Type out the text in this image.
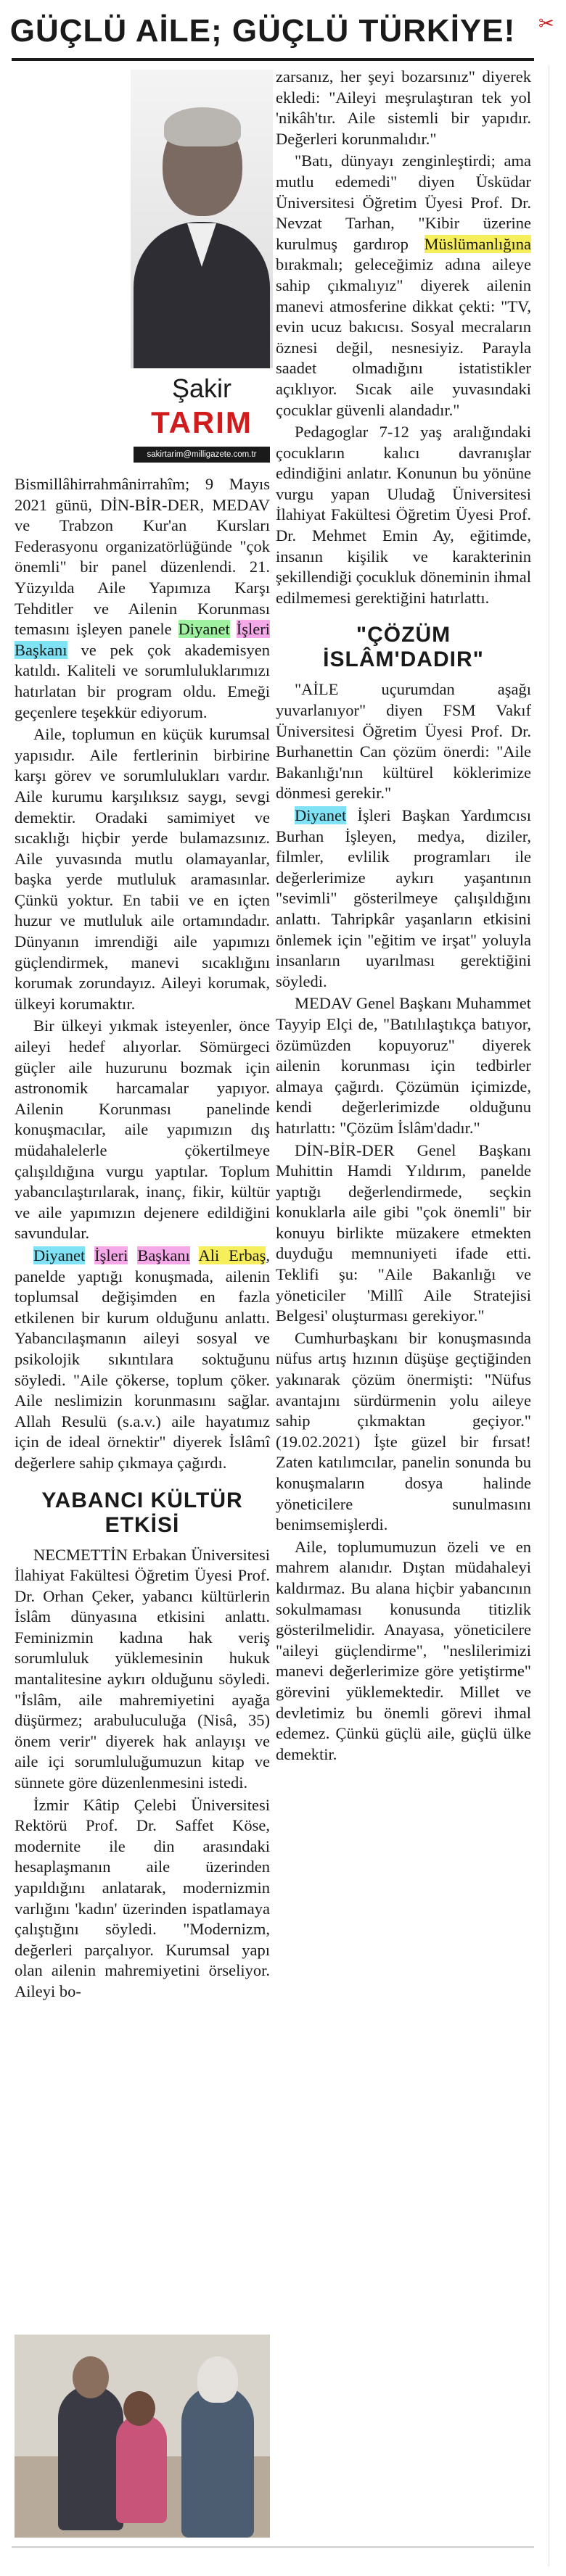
GÜÇLÜ AİLE; GÜÇLÜ TÜRKİYE! ✂
Şakir
TARIM
sakirtarim@milligazete.com.tr

Bismillâhirrahmânirrahîm; 9 Mayıs 2021 günü, DİN-BİR-DER, MEDAV ve Trabzon Kur'an Kursları Federasyonu organizatörlüğünde "çok önemli" bir panel düzenlendi. 21. Yüzyılda Aile Yapımıza Karşı Tehditler ve Ailenin Korunması temasını işleyen panele Diyanet İşleri Başkanı ve pek çok akademisyen katıldı. Kaliteli ve sorumluluklarımızı hatırlatan bir program oldu. Emeği geçenlere teşekkür ediyorum.

Aile, toplumun en küçük kurumsal yapısıdır. Aile fertlerinin birbirine karşı görev ve sorumlulukları vardır. Aile kurumu karşılıksız saygı, sevgi demektir. Oradaki samimiyet ve sıcaklığı hiçbir yerde bulamazsınız. Aile yuvasında mutlu olamayanlar, başka yerde mutluluk aramasınlar. Çünkü yoktur. En tabii ve en içten huzur ve mutluluk aile ortamındadır. Dünyanın imrendiği aile yapımızı güçlendirmek, manevi sıcaklığını korumak zorundayız. Aileyi korumak, ülkeyi korumaktır.

Bir ülkeyi yıkmak isteyenler, önce aileyi hedef alıyorlar. Sömürgeci güçler aile huzurunu bozmak için astronomik harcamalar yapıyor. Ailenin Korunması panelinde konuşmacılar, aile yapımızın dış müdahalelerle çökertilmeye çalışıldığına vurgu yaptılar. Toplum yabancılaştırılarak, inanç, fikir, kültür ve aile yapımızın dejenere edildiğini savundular.

Diyanet İşleri Başkanı Ali Erbaş, panelde yaptığı konuşmada, ailenin toplumsal değişimden en fazla etkilenen bir kurum olduğunu anlattı. Yabancılaşmanın aileyi sosyal ve psikolojik sıkıntılara soktuğunu söyledi. "Aile çökerse, toplum çöker. Aile neslimizin korunmasını sağlar. Allah Resulü (s.a.v.) aile hayatımız için de ideal örnektir" diyerek İslâmî değerlere sahip çıkmaya çağırdı.

YABANCI KÜLTÜR ETKİSİ

NECMETTİN Erbakan Üniversitesi İlahiyat Fakültesi Öğretim Üyesi Prof. Dr. Orhan Çeker, yabancı kültürlerin İslâm dünyasına etkisini anlattı. Feminizmin kadına hak veriş sorumluluk yüklemesinin hukuk mantalitesine aykırı olduğunu söyledi. "İslâm, aile mahremiyetini ayağa düşürmez; arabuluculuğa (Nisâ, 35) önem verir" diyerek hak anlayışı ve aile içi sorumluluğumuzun kitap ve sünnete göre düzenlenmesini istedi.

İzmir Kâtip Çelebi Üniversitesi Rektörü Prof. Dr. Saffet Köse, modernite ile din arasındaki hesaplaşmanın aile üzerinden yapıldığını anlatarak, modernizmin varlığını 'kadın' üzerinden ispatlamaya çalıştığını söyledi. "Modernizm, değerleri parçalıyor. Kurumsal yapı olan ailenin mahremiyetini örseliyor. Aileyi bo-

zarsanız, her şeyi bozarsınız" diyerek ekledi: "Aileyi meşrulaştıran tek yol 'nikâh'tır. Aile sistemli bir yapıdır. Değerleri korunmalıdır."

"Batı, dünyayı zenginleştirdi; ama mutlu edemedi" diyen Üsküdar Üniversitesi Öğretim Üyesi Prof. Dr. Nevzat Tarhan, "Kibir üzerine kurulmuş gardırop Müslümanlığına bırakmalı; geleceğimiz adına aileye sahip çıkmalıyız" diyerek ailenin manevi atmosferine dikkat çekti: "TV, evin ucuz bakıcısı. Sosyal mecraların öznesi değil, nesnesiyiz. Parayla saadet olmadığını istatistikler açıklıyor. Sıcak aile yuvasındaki çocuklar güvenli alandadır."

Pedagoglar 7-12 yaş aralığındaki çocukların kalıcı davranışlar edindiğini anlatır. Konunun bu yönüne vurgu yapan Uludağ Üniversitesi İlahiyat Fakültesi Öğretim Üyesi Prof. Dr. Mehmet Emin Ay, eğitimde, insanın kişilik ve karakterinin şekillendiği çocukluk döneminin ihmal edilmemesi gerektiğini hatırlattı.

"ÇÖZÜM İSLÂM'DADIR"

"AİLE uçurumdan aşağı yuvarlanıyor" diyen FSM Vakıf Üniversitesi Öğretim Üyesi Prof. Dr. Burhanettin Can çözüm önerdi: "Aile Bakanlığı'nın kültürel köklerimize dönmesi gerekir."

Diyanet İşleri Başkan Yardımcısı Burhan İşleyen, medya, diziler, filmler, evlilik programları ile değerlerimize aykırı yaşantının "sevimli" gösterilmeye çalışıldığını anlattı. Tahripkâr yaşanların etkisini önlemek için "eğitim ve irşat" yoluyla insanların uyarılması gerektiğini söyledi.

MEDAV Genel Başkanı Muhammet Tayyip Elçi de, "Batılılaştıkça batıyor, özümüzden kopuyoruz" diyerek ailenin korunması için tedbirler almaya çağırdı. Çözümün içimizde, kendi değerlerimizde olduğunu hatırlattı: "Çözüm İslâm'dadır."

DİN-BİR-DER Genel Başkanı Muhittin Hamdi Yıldırım, panelde yaptığı değerlendirmede, seçkin konuklarla aile gibi "çok önemli" bir konuyu birlikte müzakere etmekten duyduğu memnuniyeti ifade etti. Teklifi şu: "Aile Bakanlığı ve yöneticiler 'Millî Aile Stratejisi Belgesi' oluşturması gerekiyor."

Cumhurbaşkanı bir konuşmasında nüfus artış hızının düşüşe geçtiğinden yakınarak çözüm önermişti: "Nüfus avantajını sürdürmenin yolu aileye sahip çıkmaktan geçiyor." (19.02.2021) İşte güzel bir fırsat! Zaten katılımcılar, panelin sonunda bu konuşmaların dosya halinde yöneticilere sunulmasını benimsemişlerdi.

Aile, toplumumuzun özeli ve en mahrem alanıdır. Dıştan müdahaleyi kaldırmaz. Bu alana hiçbir yabancının sokulmaması konusunda titizlik gösterilmelidir. Anayasa, yöneticilere "aileyi güçlendirme", "neslilerimizi manevi değerlerimize göre yetiştirme" görevini yüklemektedir. Millet ve devletimiz bu önemli görevi ihmal edemez. Çünkü güçlü aile, güçlü ülke demektir.
